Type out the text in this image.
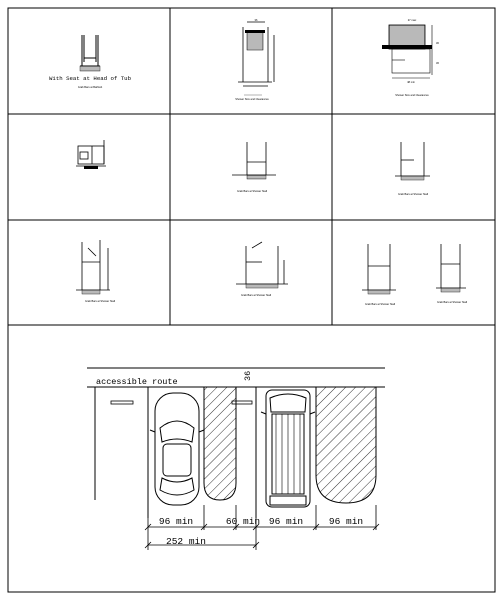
With Seat at Head of Tub
Grab Bars at Bathtub
36
Shower Size and Clearances
27 max
48 min
30
36
Shower Size and Clearances
Grab Bars at Shower Stall
Grab Bars at Shower Stall
Grab Bars at Shower Stall
Grab Bars at Shower Stall
Grab Bars at Shower Stall
Grab Bars at Shower Stall
accessible route
36
96 min	60 min 96 min	96 min
252 min
